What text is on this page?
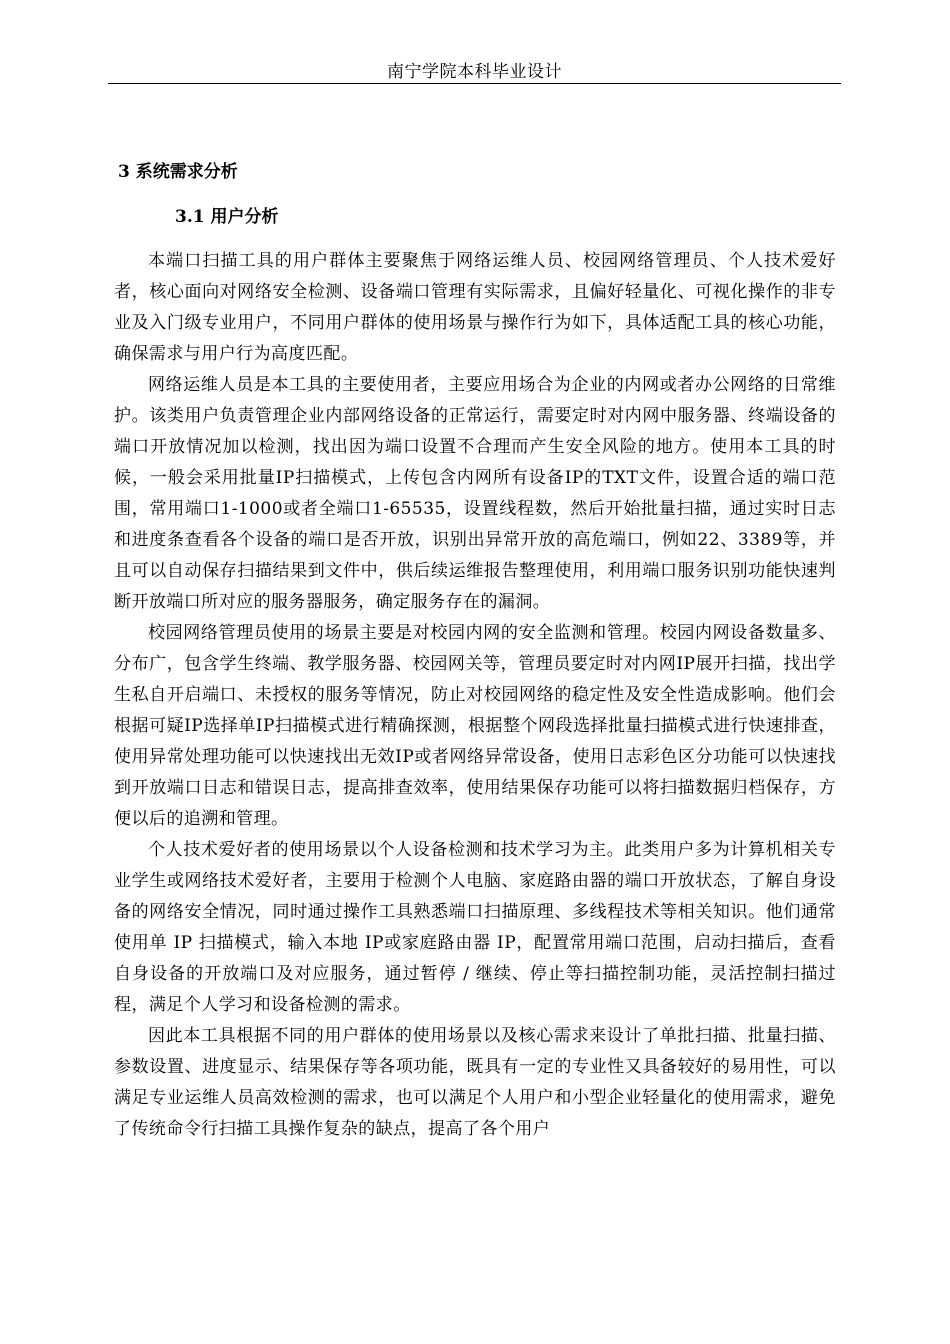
南宁学院本科毕业设计
3 系统需求分析
3.1 用户分析

本端口扫描工具的用户群体主要聚焦于网络运维人员、校园网络管理员、个人技术爱好者，核心面向对网络安全检测、设备端口管理有实际需求，且偏好轻量化、可视化操作的非专业及入门级专业用户，不同用户群体的使用场景与操作行为如下，具体适配工具的核心功能，确保需求与用户行为高度匹配。

网络运维人员是本工具的主要使用者，主要应用场合为企业的内网或者办公网络的日常维护。该类用户负责管理企业内部网络设备的正常运行，需要定时对内网中服务器、终端设备的端口开放情况加以检测，找出因为端口设置不合理而产生安全风险的地方。使用本工具的时候，一般会采用批量IP扫描模式，上传包含内网所有设备IP的TXT文件，设置合适的端口范围，常用端口1-1000或者全端口1-65535，设置线程数，然后开始批量扫描，通过实时日志和进度条查看各个设备的端口是否开放，识别出异常开放的高危端口，例如22、3389等，并且可以自动保存扫描结果到文件中，供后续运维报告整理使用，利用端口服务识别功能快速判断开放端口所对应的服务器服务，确定服务存在的漏洞。

校园网络管理员使用的场景主要是对校园内网的安全监测和管理。校园内网设备数量多、分布广，包含学生终端、教学服务器、校园网关等，管理员要定时对内网IP展开扫描，找出学生私自开启端口、未授权的服务等情况，防止对校园网络的稳定性及安全性造成影响。他们会根据可疑IP选择单IP扫描模式进行精确探测，根据整个网段选择批量扫描模式进行快速排查，使用异常处理功能可以快速找出无效IP或者网络异常设备，使用日志彩色区分功能可以快速找到开放端口日志和错误日志，提高排查效率，使用结果保存功能可以将扫描数据归档保存，方便以后的追溯和管理。

个人技术爱好者的使用场景以个人设备检测和技术学习为主。此类用户多为计算机相关专业学生或网络技术爱好者，主要用于检测个人电脑、家庭路由器的端口开放状态，了解自身设备的网络安全情况，同时通过操作工具熟悉端口扫描原理、多线程技术等相关知识。他们通常使用单 IP 扫描模式，输入本地 IP或家庭路由器 IP，配置常用端口范围，启动扫描后，查看自身设备的开放端口及对应服务，通过暂停 / 继续、停止等扫描控制功能，灵活控制扫描过程，满足个人学习和设备检测的需求。

因此本工具根据不同的用户群体的使用场景以及核心需求来设计了单批扫描、批量扫描、参数设置、进度显示、结果保存等各项功能，既具有一定的专业性又具备较好的易用性，可以满足专业运维人员高效检测的需求，也可以满足个人用户和小型企业轻量化的使用需求，避免了传统命令行扫描工具操作复杂的缺点，提高了各个用户
